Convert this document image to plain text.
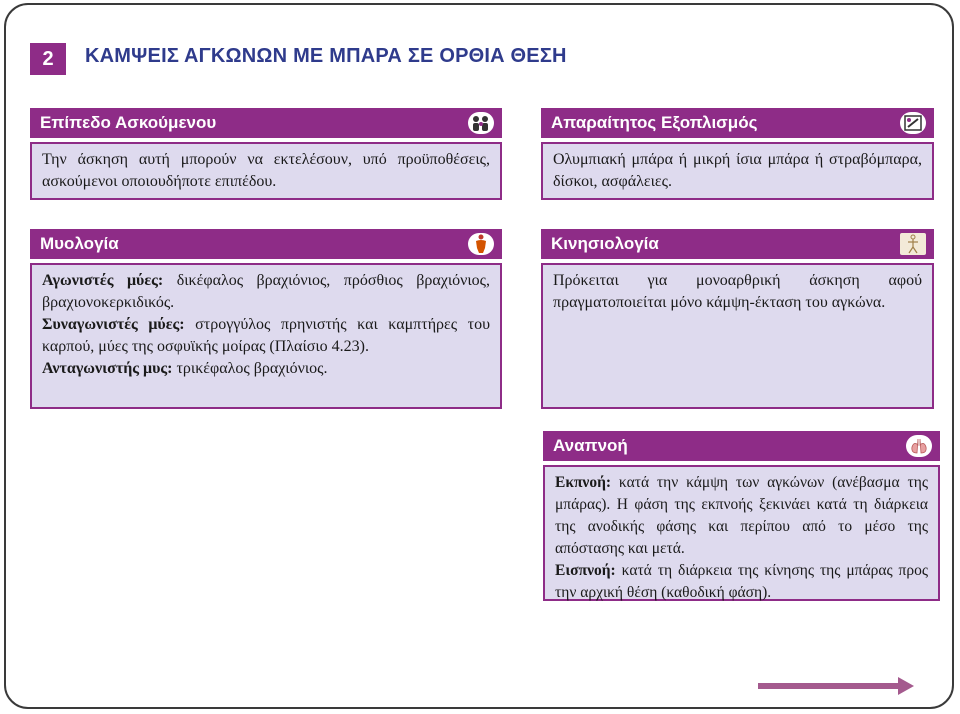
2	ΚΑΜΨΕΙΣ ΑΓΚΩΝΩΝ ΜΕ ΜΠΑΡΑ ΣΕ ΟΡΘΙΑ ΘΕΣΗ
Επίπεδο Ασκούμενου
Την άσκηση αυτή μπορούν να εκτελέσουν, υπό προϋποθέσεις, ασκούμενοι οποιουδήποτε επιπέδου.
Απαραίτητος Εξοπλισμός
Ολυμπιακή μπάρα ή μικρή ίσια μπάρα ή στραβόμπαρα, δίσκοι, ασφάλειες.
Μυολογία
Αγωνιστές μύες: δικέφαλος βραχιόνιος, πρόσθιος βραχιόνιος, βραχιονοκερκιδικός.
Συναγωνιστές μύες: στρογγύλος πρηνιστής και καμπτήρες του καρπού, μύες της οσφυϊκής μοίρας (Πλαίσιο 4.23).
Ανταγωνιστής μυς: τρικέφαλος βραχιόνιος.
Κινησιολογία
Πρόκειται για μονοαρθρική άσκηση αφού πραγματοποιείται μόνο κάμψη-έκταση του αγκώνα.
Αναπνοή
Εκπνοή: κατά την κάμψη των αγκώνων (ανέβασμα της μπάρας). Η φάση της εκπνοής ξεκινάει κατά τη διάρκεια της ανοδικής φάσης και περίπου από το μέσο της απόστασης και μετά.
Εισπνοή: κατά τη διάρκεια της κίνησης της μπάρας προς την αρχική θέση (καθοδική φάση).
